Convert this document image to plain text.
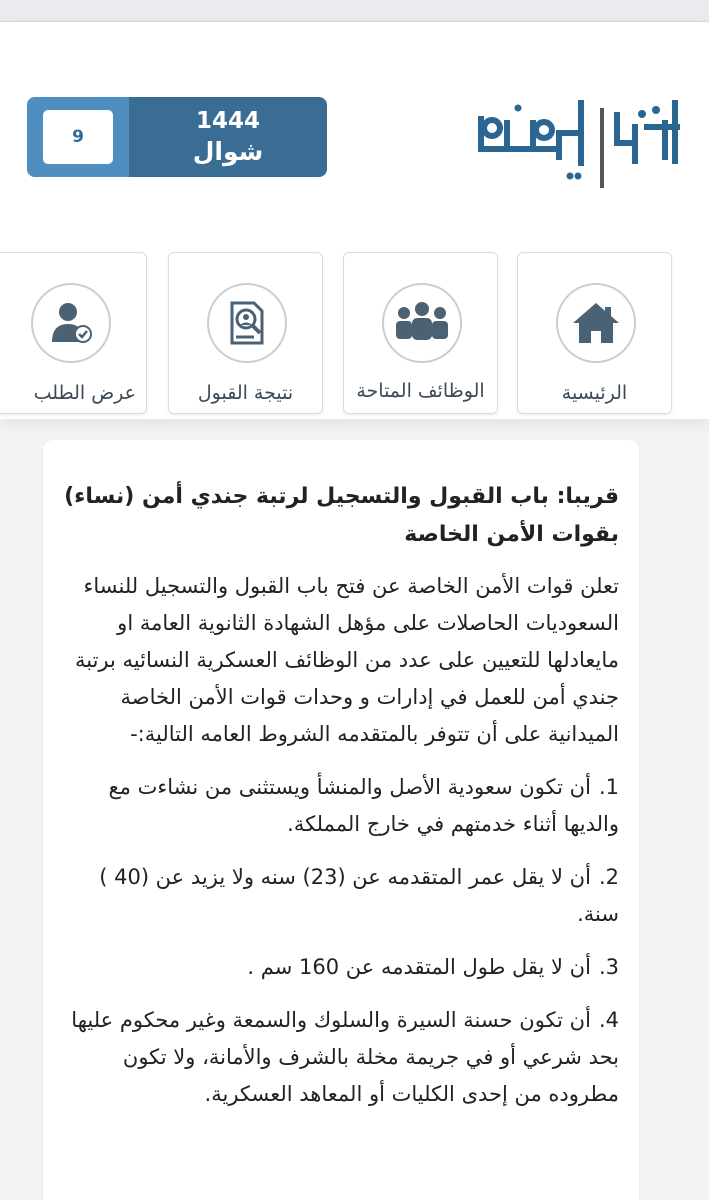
9
1444
شوال
الرئيسية
الوظائف المتاحة
نتيجة القبول
عرض الطلب
قريبا: باب القبول والتسجيل لرتبة جندي أمن (نساء) بقوات الأمن الخاصة

تعلن قوات الأمن الخاصة عن فتح باب القبول والتسجيل للنساء السعوديات الحاصلات على مؤهل الشهادة الثانوية العامة او مايعادلها للتعيين على عدد من الوظائف العسكرية النسائيه برتبة جندي أمن للعمل في إدارات و وحدات قوات الأمن الخاصة الميدانية على أن تتوفر بالمتقدمه الشروط العامه التالية:-

1.أن تكون سعودية الأصل والمنشأ ويستثنى من نشاءت مع والديها أثناء خدمتهم في خارج المملكة.
2.أن لا يقل عمر المتقدمه عن (23) سنه ولا يزيد عن (40 ) سنة.
3.أن لا يقل طول المتقدمه عن 160 سم .
4.أن تكون حسنة السيرة والسلوك والسمعة وغير محكوم عليها بحد شرعي أو في جريمة مخلة بالشرف والأمانة، ولا تكون مطروده من إحدى الكليات أو المعاهد العسكرية.
